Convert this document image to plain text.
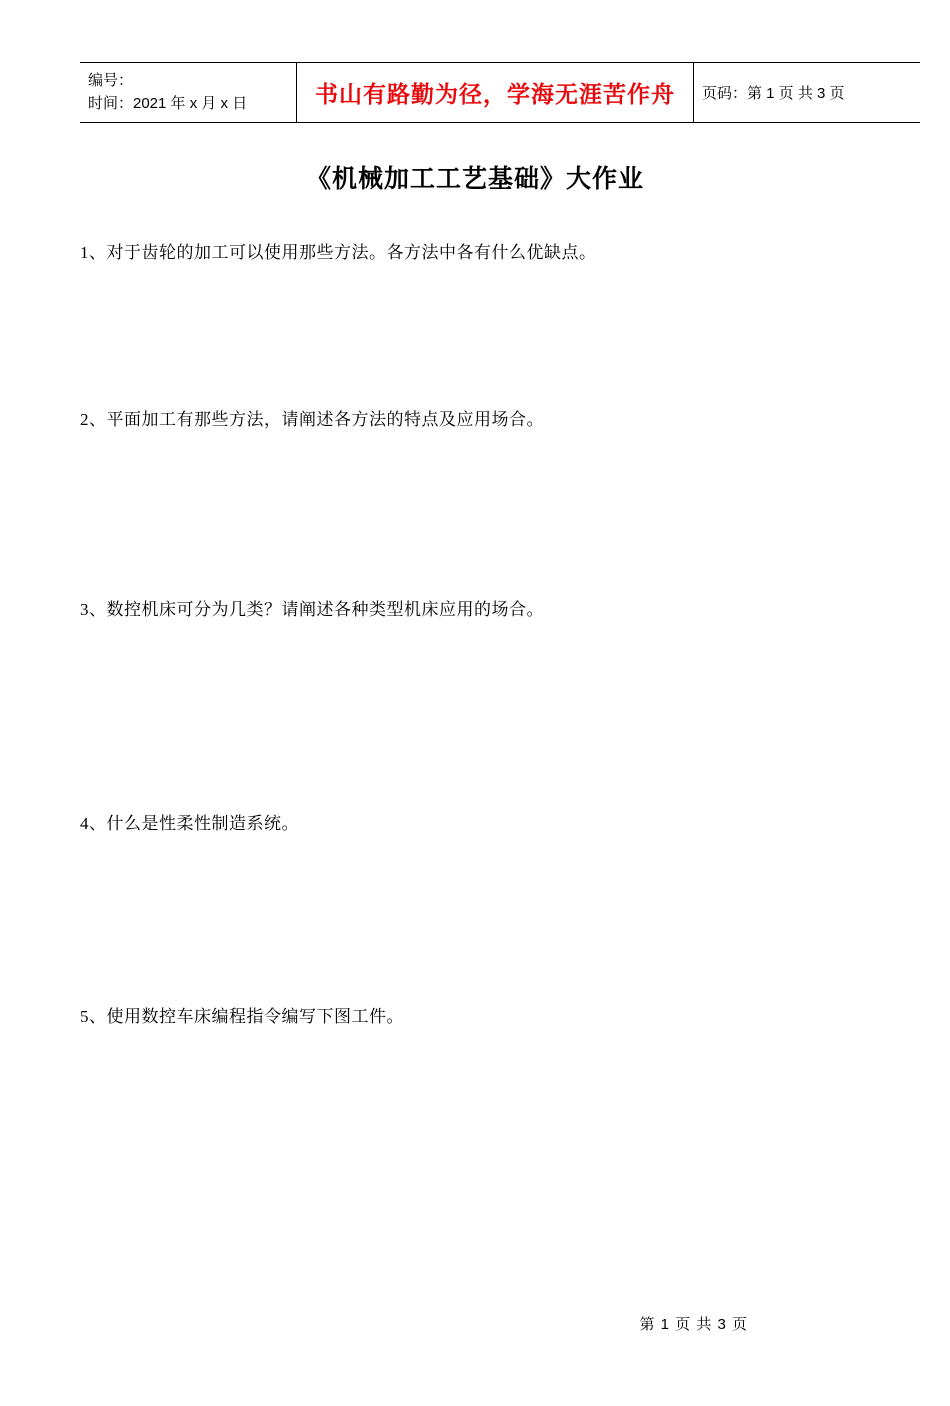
编号：
时间：2021 年 x 月 x 日	书山有路勤为径，学海无涯苦作舟	页码：第 1 页 共 3 页
《机械加工工艺基础》大作业
1、对于齿轮的加工可以使用那些方法。各方法中各有什么优缺点。
2、平面加工有那些方法，请阐述各方法的特点及应用场合。
3、数控机床可分为几类？请阐述各种类型机床应用的场合。
4、什么是性柔性制造系统。
5、使用数控车床编程指令编写下图工件。
第 1 页 共 3 页
